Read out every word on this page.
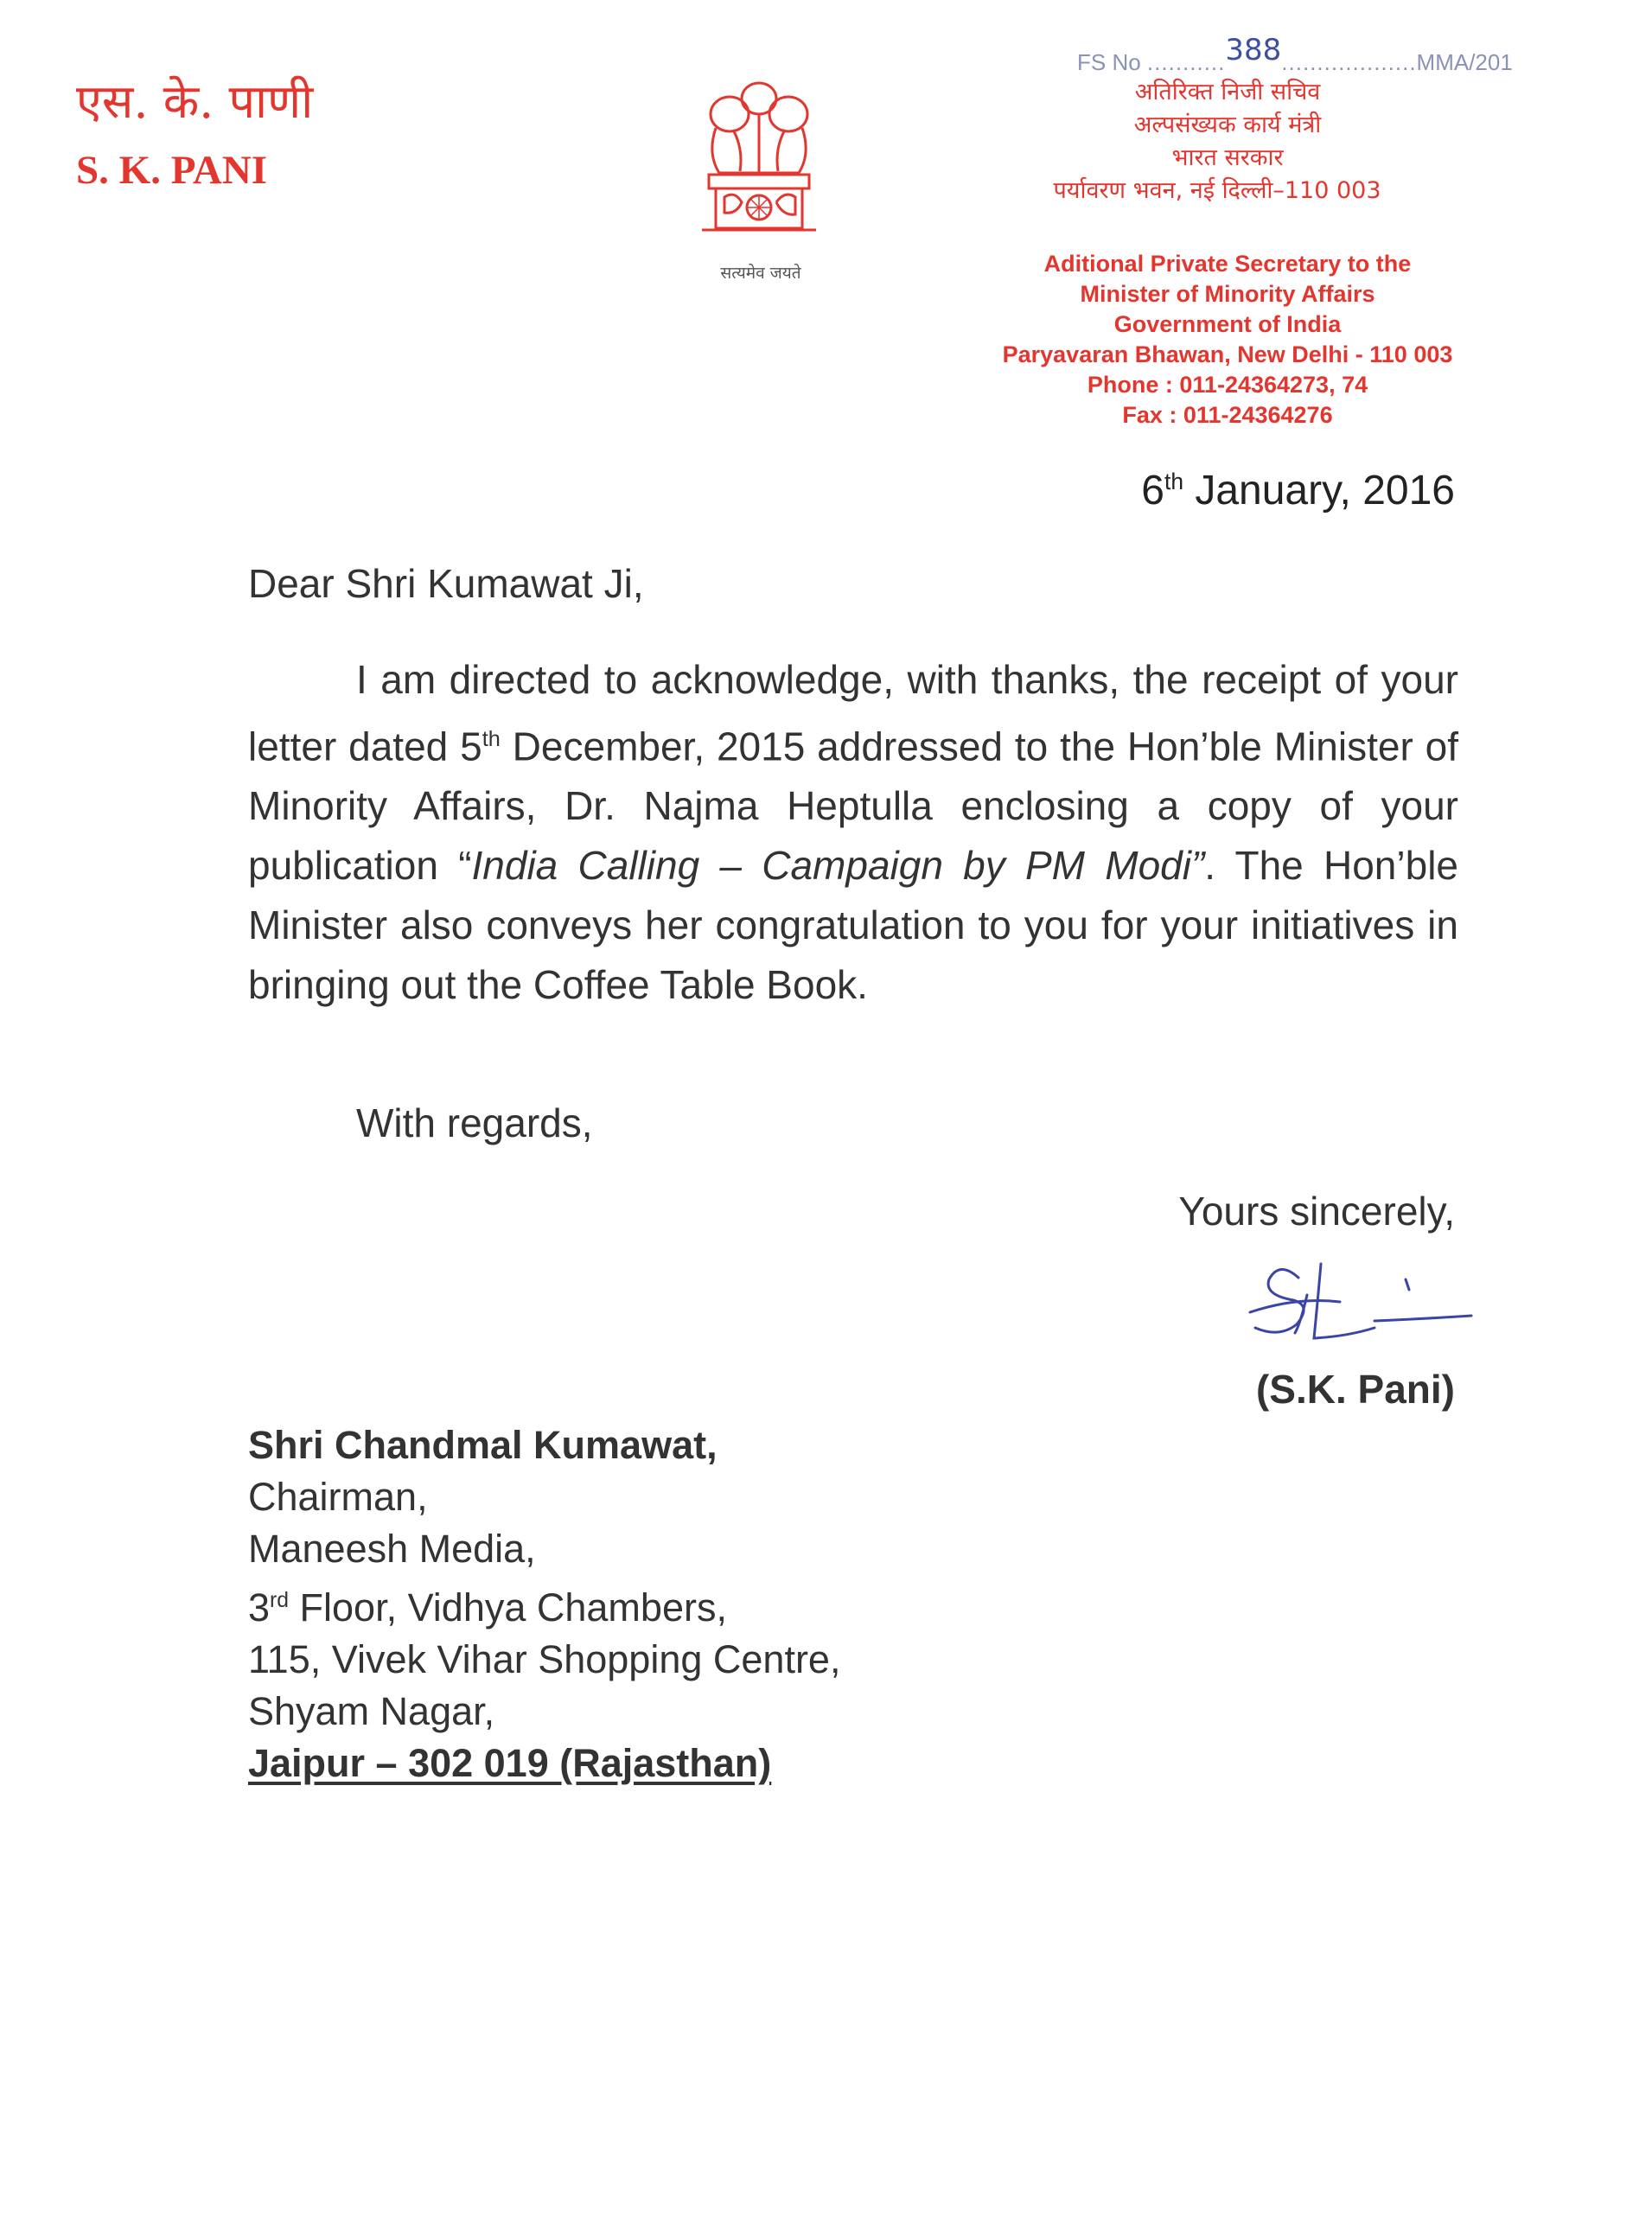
एस. के. पाणी
S. K. PANI
सत्यमेव जयते
FS No ...........388...................MMA/201
अतिरिक्त निजी सचिव
अल्पसंख्यक कार्य मंत्री
भारत सरकार
पर्यावरण भवन, नई दिल्ली–110 003
Aditional Private Secretary to the
Minister of Minority Affairs
Government of India
Paryavaran Bhawan, New Delhi - 110 003
Phone : 011-24364273, 74
Fax : 011-24364276
6th January, 2016
Dear Shri Kumawat Ji,

I am directed to acknowledge, with thanks, the receipt of your letter dated 5th December, 2015 addressed to the Hon’ble Minister of Minority Affairs, Dr. Najma Heptulla enclosing a copy of your publication “India Calling – Campaign by PM Modi”. The Hon’ble Minister also conveys her congratulation to you for your initiatives in bringing out the Coffee Table Book.

With regards,
Yours sincerely,
(S.K. Pani)
Shri Chandmal Kumawat,
Chairman,
Maneesh Media,
3rd Floor, Vidhya Chambers,
115, Vivek Vihar Shopping Centre,
Shyam Nagar,
Jaipur – 302 019 (Rajasthan)
